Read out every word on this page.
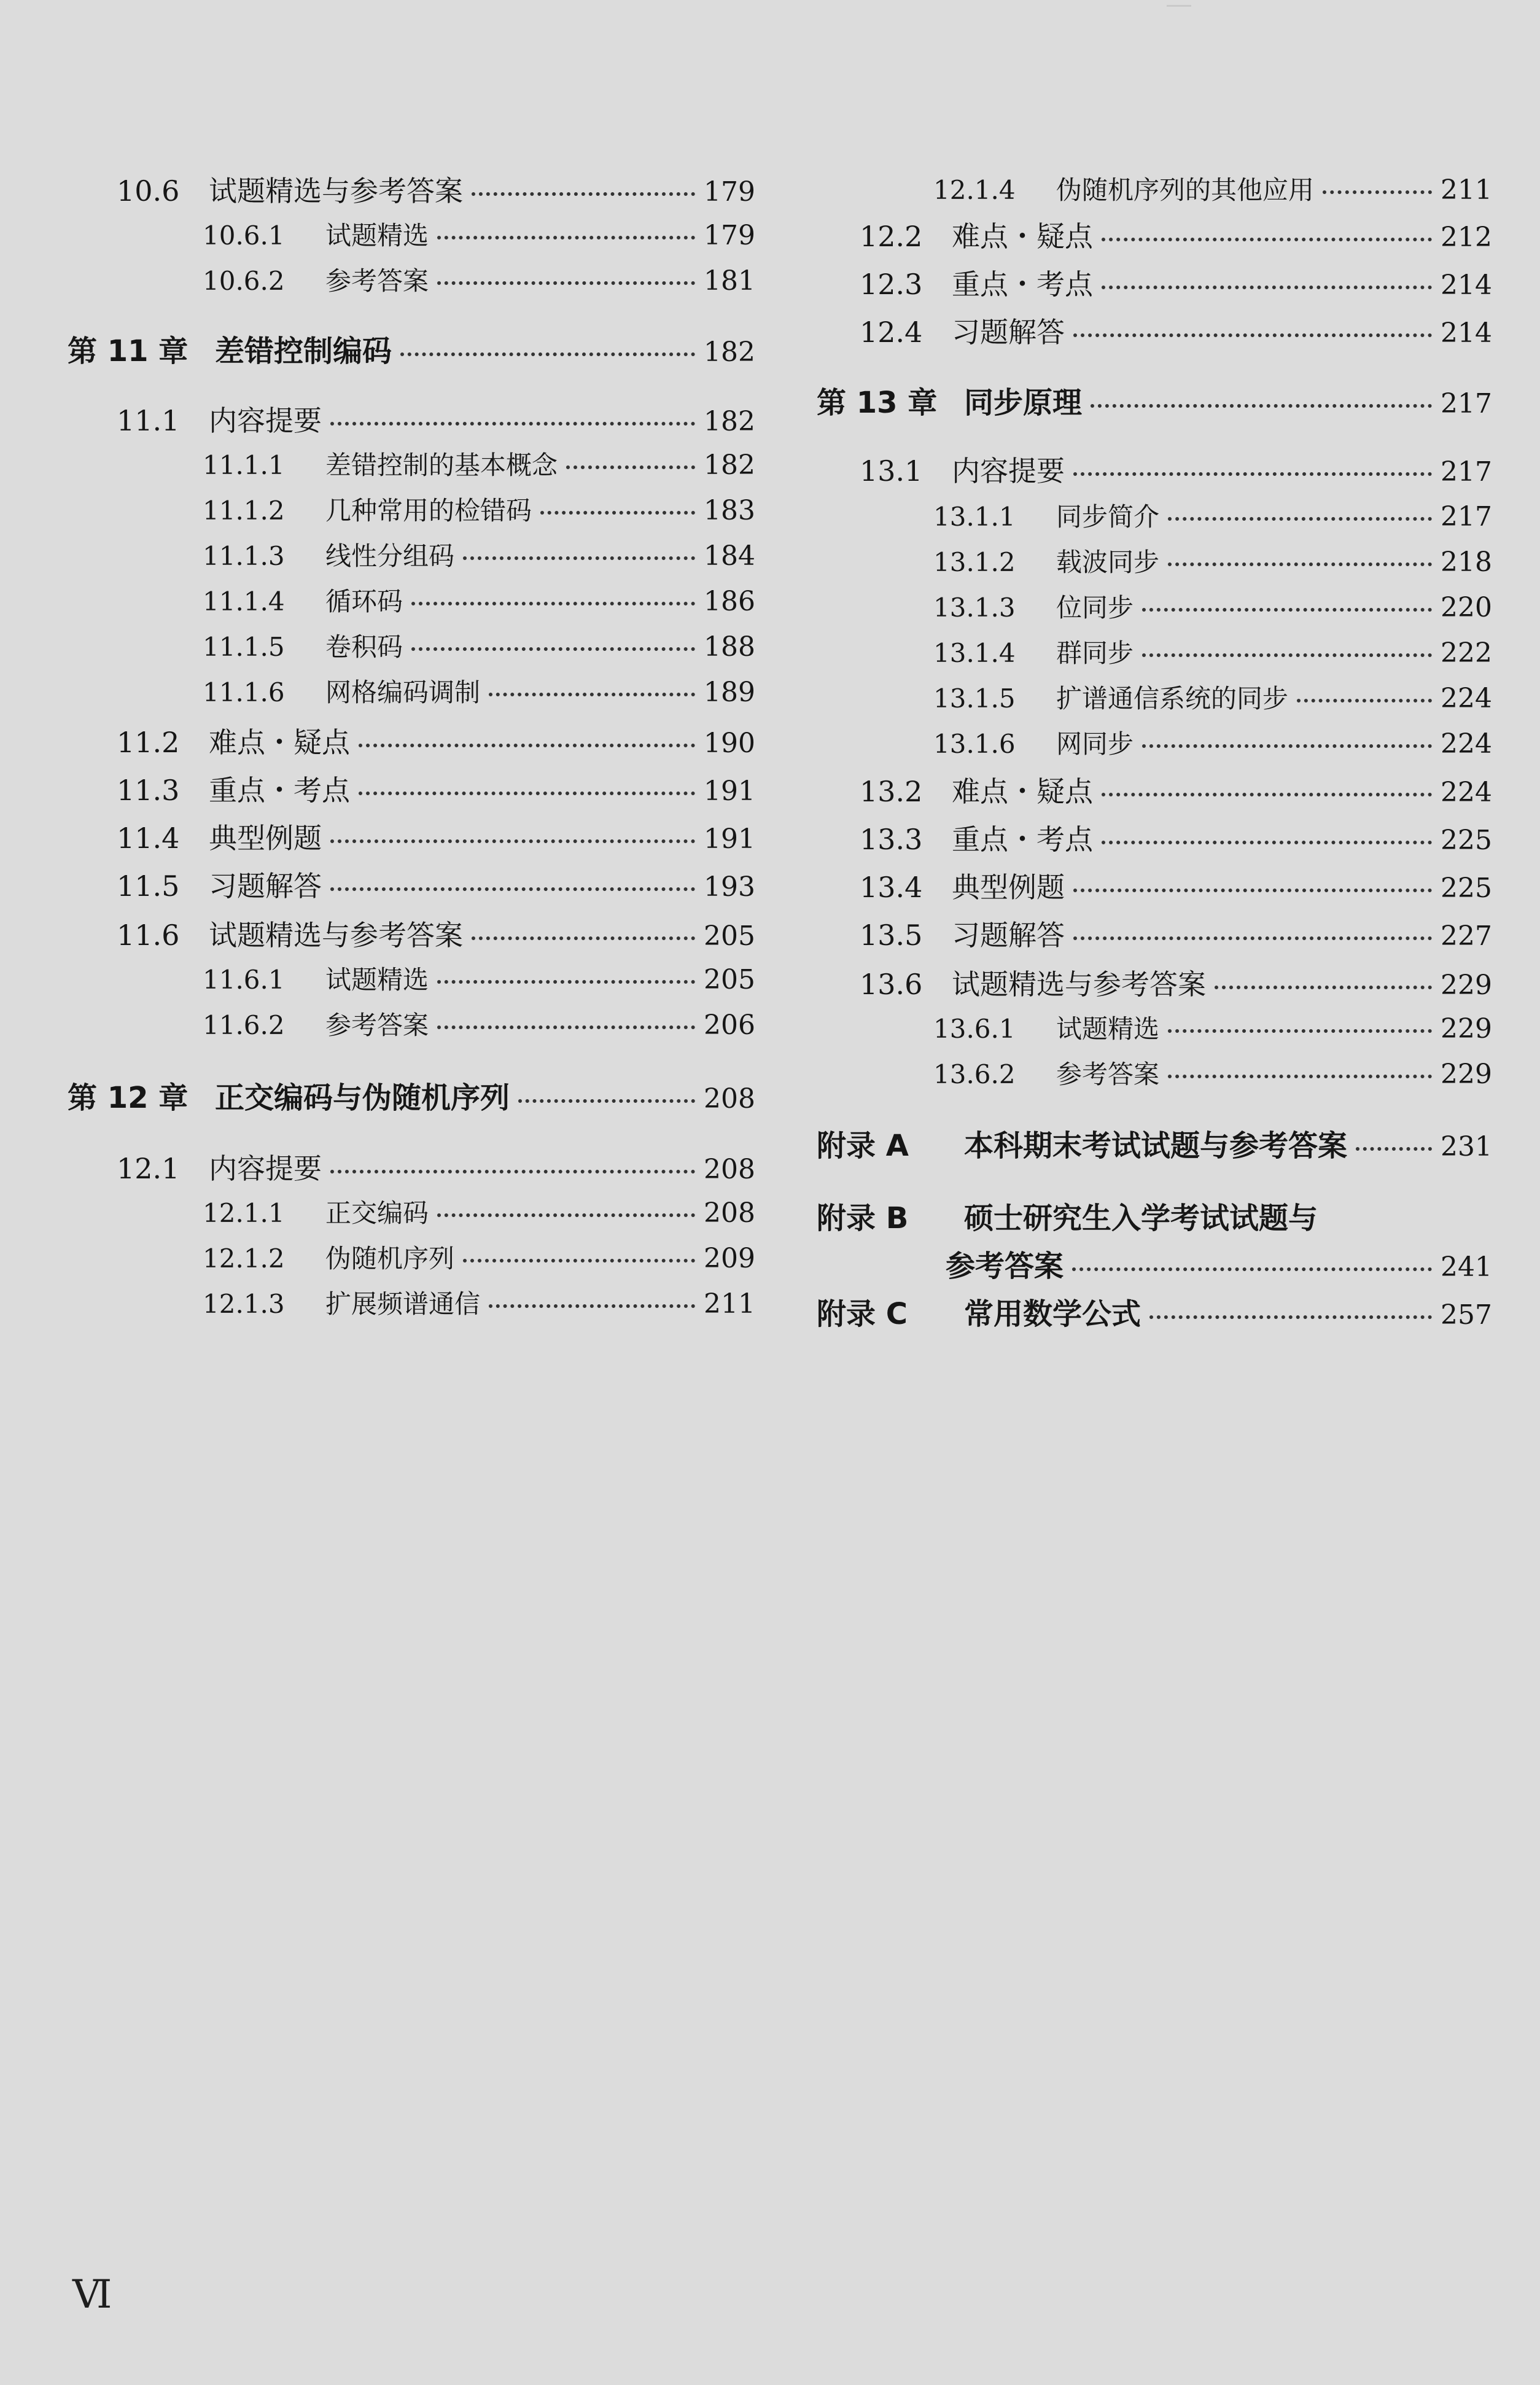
10.6	试题精选与参考答案	179
10.6.1	试题精选	179
10.6.2	参考答案	181
第 11 章 差错控制编码	182
11.1	内容提要	182
11.1.1	差错控制的基本概念	182
11.1.2	几种常用的检错码	183
11.1.3	线性分组码	184
11.1.4	循环码	186
11.1.5	卷积码	188
11.1.6	网格编码调制	189
11.2	难点・疑点	190
11.3	重点・考点	191
11.4	典型例题	191
11.5	习题解答	193
11.6	试题精选与参考答案	205
11.6.1	试题精选	205
11.6.2	参考答案	206
第 12 章 正交编码与伪随机序列	208
12.1	内容提要	208
12.1.1	正交编码	208
12.1.2	伪随机序列	209
12.1.3	扩展频谱通信	211
12.1.4	伪随机序列的其他应用	211
12.2	难点・疑点	212
12.3	重点・考点	214
12.4	习题解答	214
第 13 章 同步原理	217
13.1	内容提要	217
13.1.1	同步简介	217
13.1.2	载波同步	218
13.1.3	位同步	220
13.1.4	群同步	222
13.1.5	扩谱通信系统的同步	224
13.1.6	网同步	224
13.2	难点・疑点	224
13.3	重点・考点	225
13.4	典型例题	225
13.5	习题解答	227
13.6	试题精选与参考答案	229
13.6.1	试题精选	229
13.6.2	参考答案	229
附录 A	本科期末考试试题与参考答案	231
附录 B	硕士研究生入学考试试题与
参考答案	241
附录 C	常用数学公式	257
Ⅵ
